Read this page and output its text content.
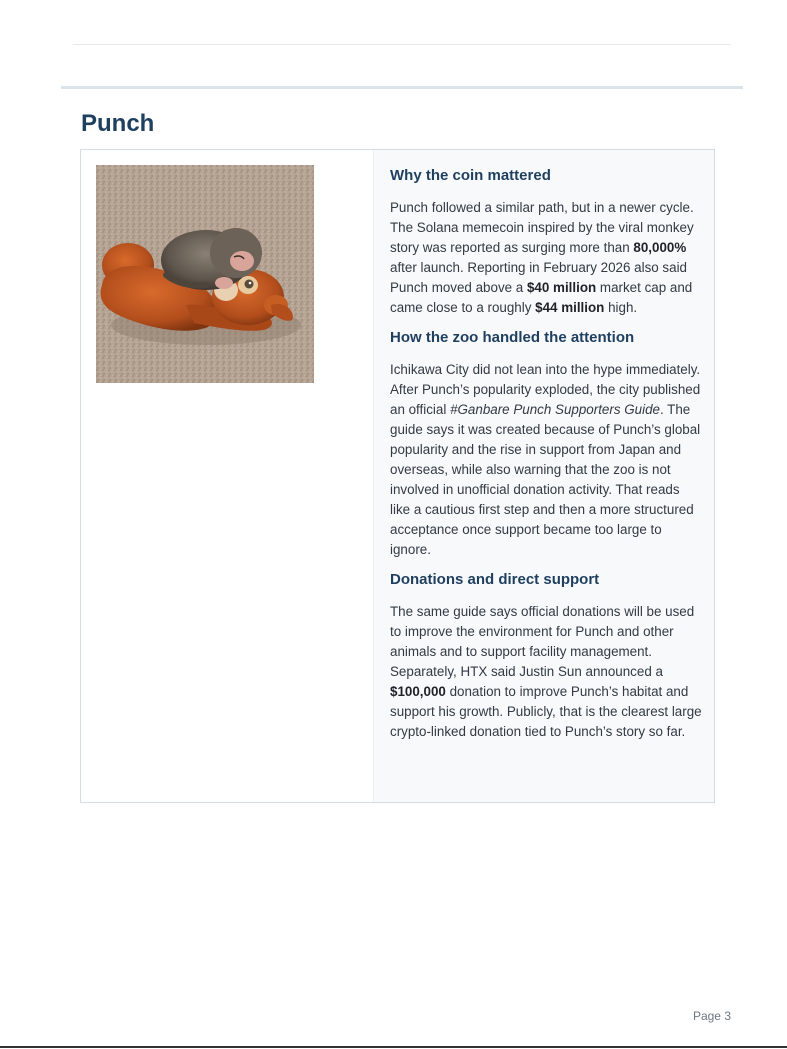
Punch
Why the coin mattered

Punch followed a similar path, but in a newer cycle. The Solana memecoin inspired by the viral monkey story was reported as surging more than 80,000% after launch. Reporting in February 2026 also said Punch moved above a $40 million market cap and came close to a roughly $44 million high.

How the zoo handled the attention

Ichikawa City did not lean into the hype immediately. After Punch’s popularity exploded, the city published an official #Ganbare Punch Supporters Guide. The guide says it was created because of Punch’s global popularity and the rise in support from Japan and overseas, while also warning that the zoo is not involved in unofficial donation activity. That reads like a cautious first step and then a more structured acceptance once support became too large to ignore.

Donations and direct support

The same guide says official donations will be used to improve the environment for Punch and other animals and to support facility management. Separately, HTX said Justin Sun announced a $100,000 donation to improve Punch’s habitat and support his growth. Publicly, that is the clearest large crypto-linked donation tied to Punch’s story so far.

Page 3
